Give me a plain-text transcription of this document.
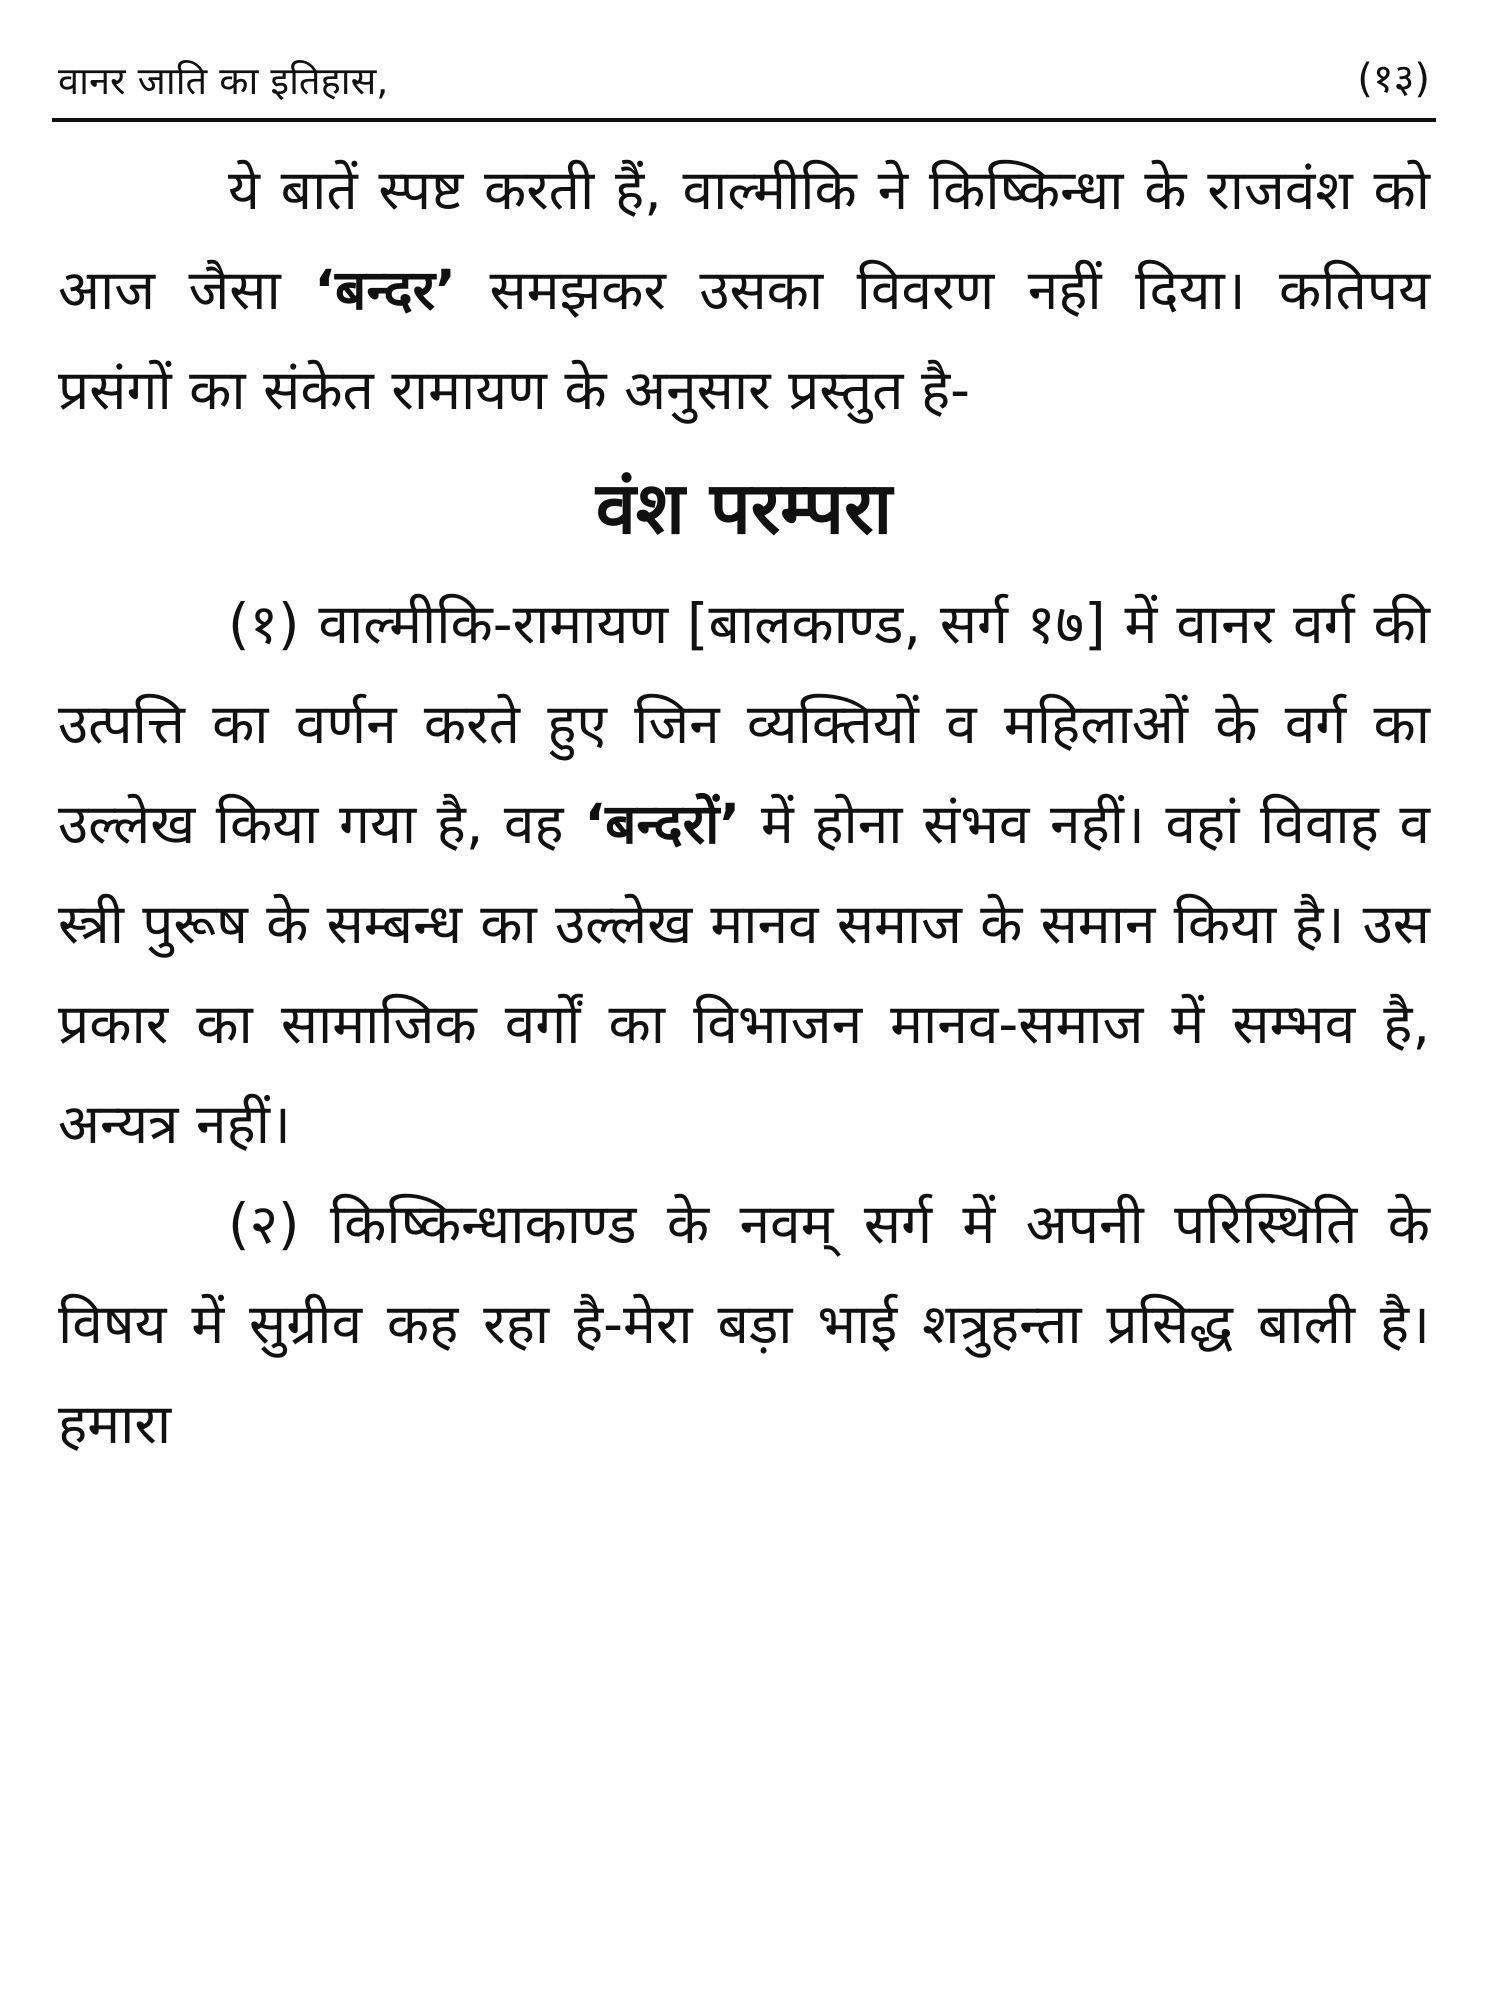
वानर जाति का इतिहास,	(१३)

ये बातें स्पष्ट करती हैं, वाल्मीकि ने किष्किन्धा के राजवंश को आज जैसा ‘बन्दर’ समझकर उसका विवरण नहीं दिया। कतिपय प्रसंगों का संकेत रामायण के अनुसार प्रस्तुत है-

वंश परम्परा

(१) वाल्मीकि-रामायण [बालकाण्ड, सर्ग १७] में वानर वर्ग की उत्पत्ति का वर्णन करते हुए जिन व्यक्तियों व महिलाओं के वर्ग का उल्लेख किया गया है, वह ‘बन्दरों’ में होना संभव नहीं। वहां विवाह व स्त्री पुरूष के सम्बन्ध का उल्लेख मानव समाज के समान किया है। उस प्रकार का सामाजिक वर्गों का विभाजन मानव-समाज में सम्भव है, अन्यत्र नहीं।

(२) किष्किन्धाकाण्ड के नवम् सर्ग में अपनी परिस्थिति के विषय में सुग्रीव कह रहा है-मेरा बड़ा भाई शत्रुहन्ता प्रसिद्ध बाली है। हमारा
